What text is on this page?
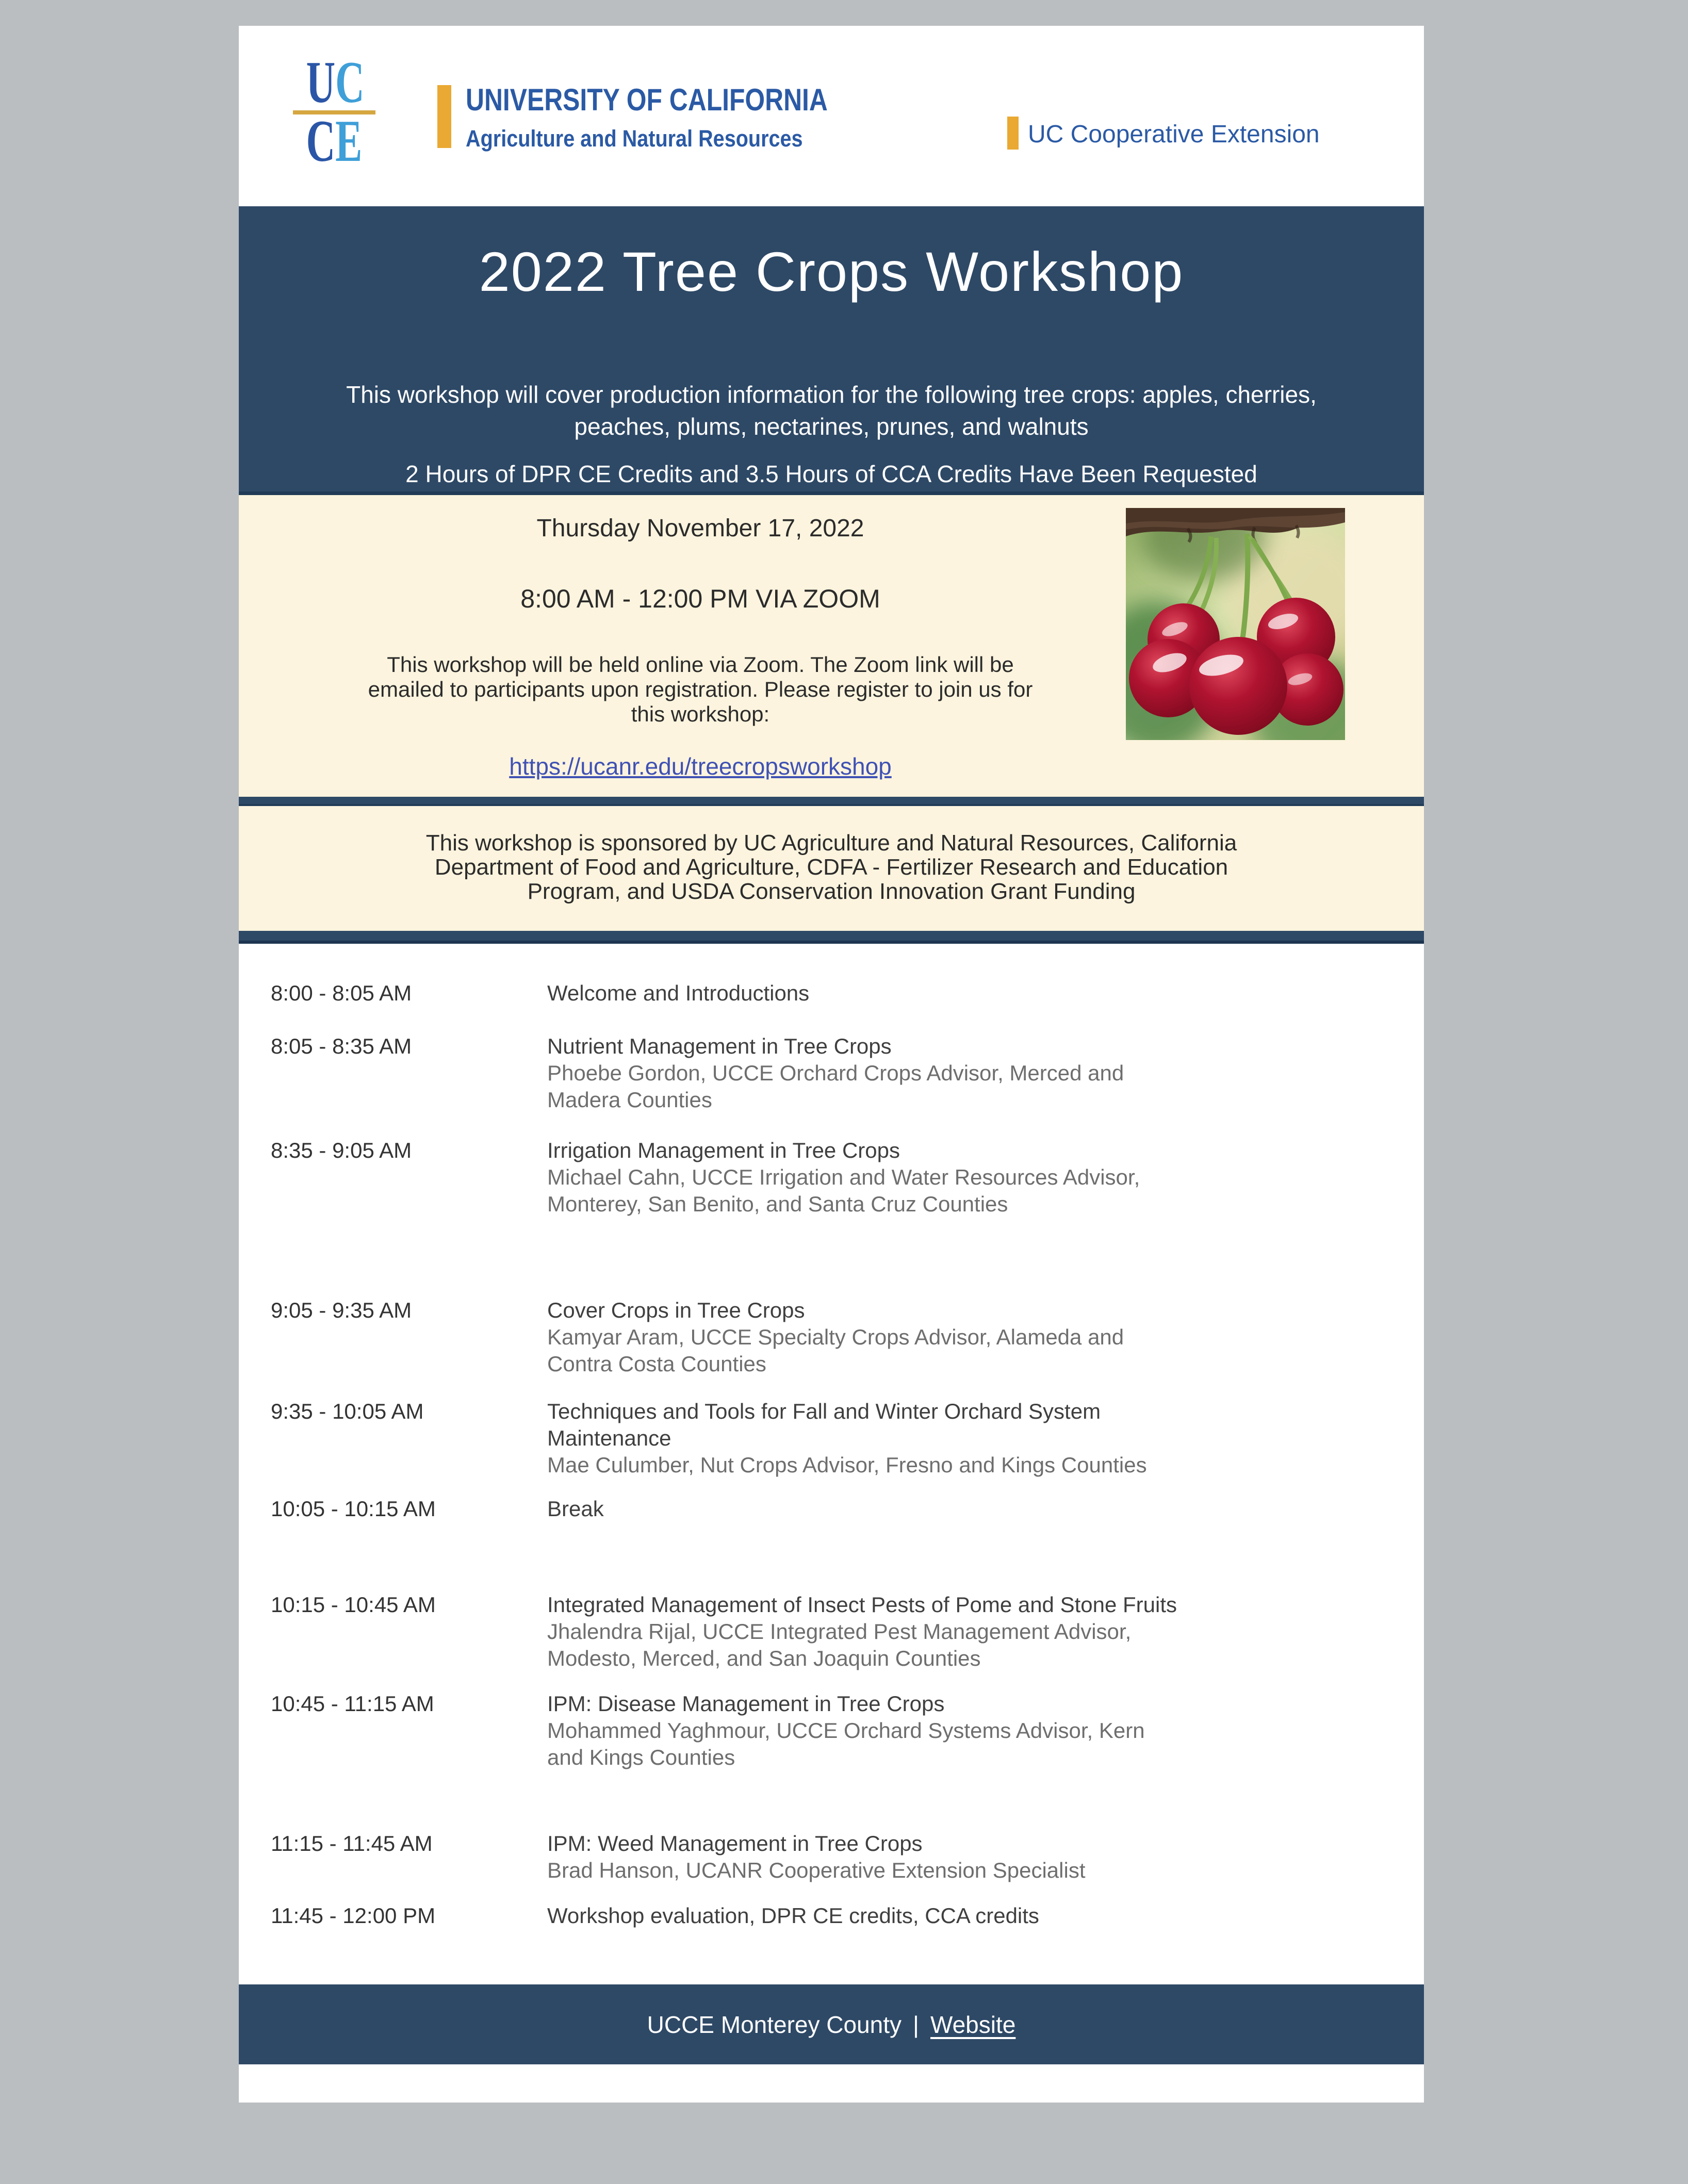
UC
CE
UNIVERSITY OF CALIFORNIA
Agriculture and Natural Resources	UC Cooperative Extension
2022 Tree Crops Workshop
This workshop will cover production information for the following tree crops: apples, cherries, peaches, plums, nectarines, prunes, and walnuts
2 Hours of DPR CE Credits and 3.5 Hours of CCA Credits Have Been Requested
Thursday November 17, 2022
8:00 AM - 12:00 PM VIA ZOOM
This workshop will be held online via Zoom. The Zoom link will be emailed to participants upon registration. Please register to join us for this workshop:
https://ucanr.edu/treecropsworkshop

This workshop is sponsored by UC Agriculture and Natural Resources, California Department of Food and Agriculture, CDFA - Fertilizer Research and Education Program, and USDA Conservation Innovation Grant Funding

8:00 - 8:05 AM	Welcome and Introductions
8:05 - 8:35 AM	Nutrient Management in Tree Crops
Phoebe Gordon, UCCE Orchard Crops Advisor, Merced and Madera Counties
8:35 - 9:05 AM	Irrigation Management in Tree Crops
Michael Cahn, UCCE Irrigation and Water Resources Advisor, Monterey, San Benito, and Santa Cruz Counties
9:05 - 9:35 AM	Cover Crops in Tree Crops
Kamyar Aram, UCCE Specialty Crops Advisor, Alameda and Contra Costa Counties
9:35 - 10:05 AM	Techniques and Tools for Fall and Winter Orchard System Maintenance
Mae Culumber, Nut Crops Advisor, Fresno and Kings Counties
10:05 - 10:15 AM	Break
10:15 - 10:45 AM	Integrated Management of Insect Pests of Pome and Stone Fruits
Jhalendra Rijal, UCCE Integrated Pest Management Advisor, Modesto, Merced, and San Joaquin Counties
10:45 - 11:15 AM	IPM: Disease Management in Tree Crops
Mohammed Yaghmour, UCCE Orchard Systems Advisor, Kern and Kings Counties
11:15 - 11:45 AM	IPM: Weed Management in Tree Crops
Brad Hanson, UCANR Cooperative Extension Specialist
11:45 - 12:00 PM	Workshop evaluation, DPR CE credits, CCA credits
UCCE Monterey County | Website
